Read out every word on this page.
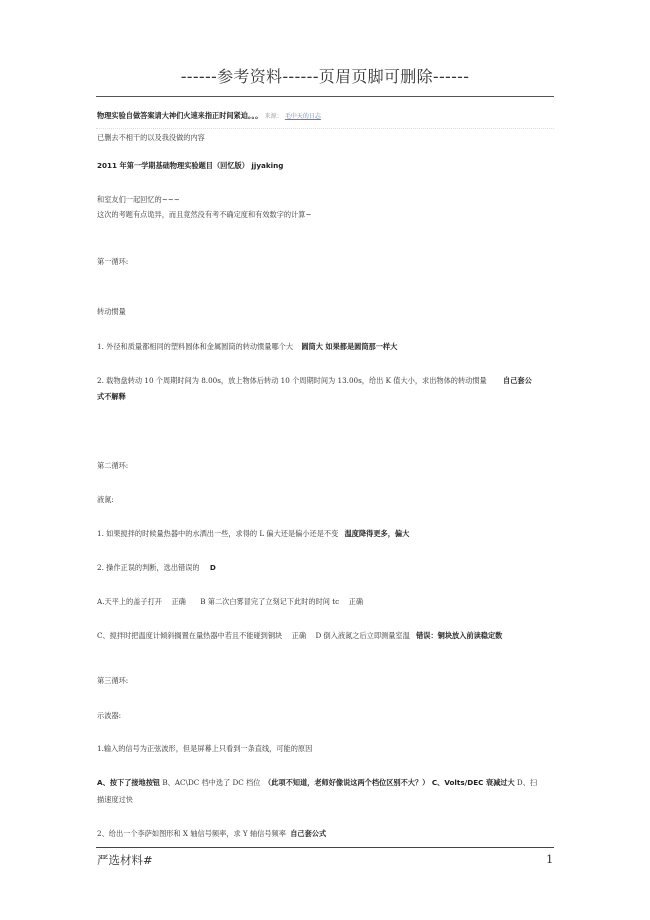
------参考资料------页眉页脚可删除------
物理实验自做答案请大神们火速来指正时间紧迫。。。 来源： 毛中天的日志
已删去不相干的以及我没做的内容
2011 年第一学期基础物理实验题目（回忆版） jjyaking
和室友们一起回忆的~~~
这次的考题有点诡异，而且竟然没有考不确定度和有效数字的计算~
第一循环:
转动惯量
1. 外径和质量都相同的塑料圆体和金属圆筒的转动惯量哪个大 圆筒大 如果都是圆筒那一样大
2. 载物盘转动 10 个周期时间为 8.00s，放上物体后转动 10 个周期时间为 13.00s，给出 K 值大小，求出物体的转动惯量 自己套公
式不解释
第二循环:
液氮:
1. 如果搅拌的时候量热器中的水洒出一些，求得的 L 偏大还是偏小还是不变 温度降得更多，偏大
2. 操作正误的判断，选出错误的 D
A.天平上的盖子打开　 正确　　B 第二次白雾冒完了立刻记下此时的时间 tc　 正确
C、搅拌时把温度计倾斜搁置在量热器中若且不能碰到铜块　 正确　 D 倒入液氮之后立即测量室温 错误：铜块放入前读稳定数
第三循环:
示波器:
1.输入的信号为正弦波形，但是屏幕上只看到一条直线，可能的原因
A、按下了接地按钮 B、AC\DC 档中选了 DC 档位　（此项不知道，老师好像说这两个档位区别不大？） C、Volts/DEC 衰减过大 D、扫
描速度过快
2、给出一个李萨如图形和 X 轴信号频率，求 Y 轴信号频率 自己套公式
严选材料#	1
